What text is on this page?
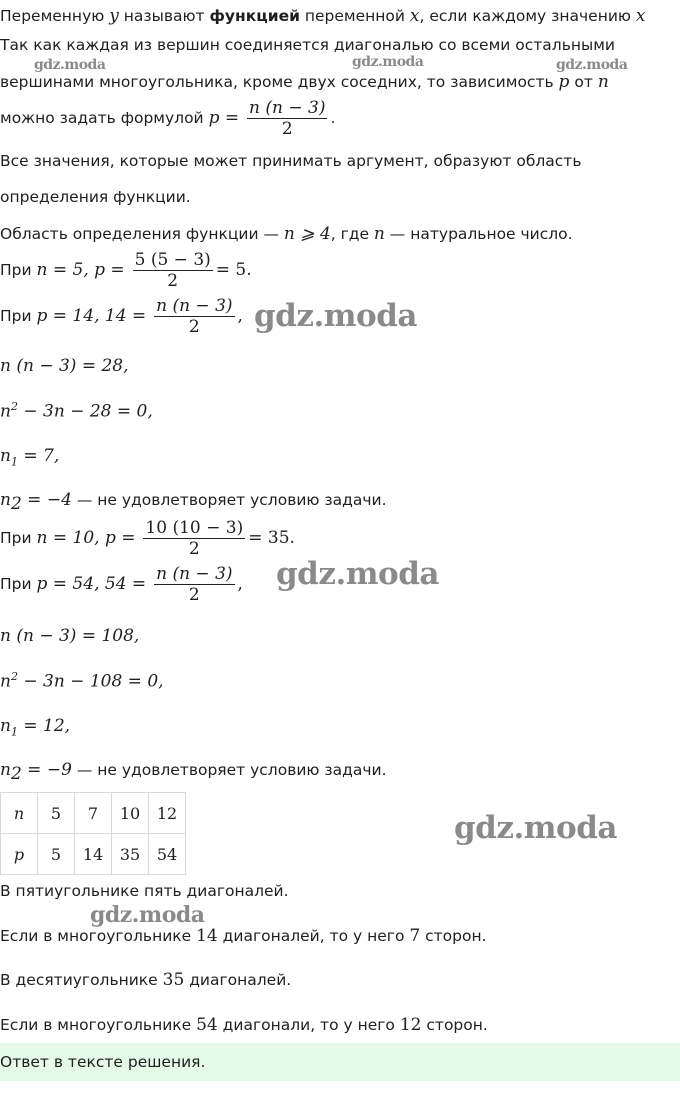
Переменную y называют функцией переменной x, если каждому значению x
Так как каждая из вершин соединяется диагональю со всеми остальными
вершинами многоугольника, кроме двух соседних, то зависимость p от n
можно задать формулой $p = \frac{n (n - 3)}{2}$ .
Все значения, которые может принимать аргумент, образуют область
определения функции.
Область определения функции — n ⩾ 4, где n — натуральное число.
При n = 5, $p = \frac{5 (5 - 3)}{2} = 5$.
При p = 14, $14 = \frac{n (n - 3)}{2}$ ,
n (n − 3) = 28,
$n^2 - 3n - 28 = 0$,
$n_1 = 7$,
$n_2 = -4$ — не удовлетворяет условию задачи.
При n = 10, $p = \frac{10 (10 - 3)}{2} = 35$.
При p = 54, $54 = \frac{n (n - 3)}{2}$ ,
n (n − 3) = 108,
$n^2 - 3n - 108 = 0$,
$n_1 = 12$,
$n_2 = -9$ — не удовлетворяет условию задачи.
n	5	7	10	12
p	5	14	35	54
В пятиугольнике пять диагоналей.
Если в многоугольнике 14 диагоналей, то у него 7 сторон.
В десятиугольнике 35 диагоналей.
Если в многоугольнике 54 диагонали, то у него 12 сторон.
Ответ в тексте решения.
gdz.moda	gdz.moda	gdz.moda
gdz.moda
gdz.moda
gdz.moda
gdz.moda
